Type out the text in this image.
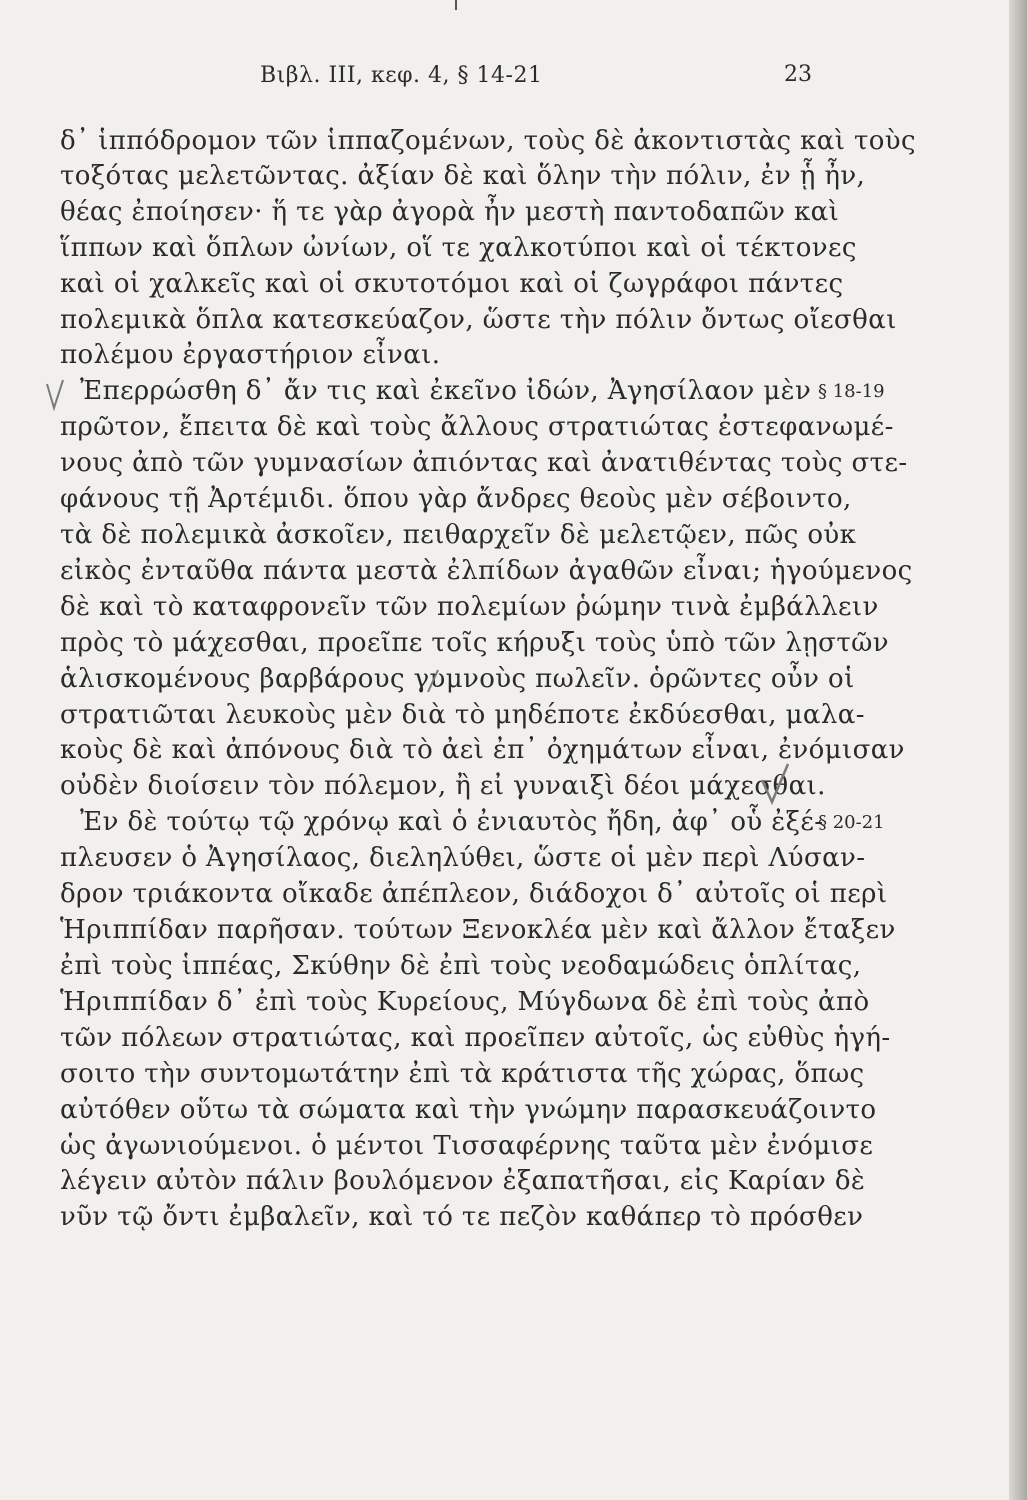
Βιβλ. ΙΙΙ, κεφ. 4, § 14-21	23
δ᾽ ἱππόδρομον τῶν ἱππαζομένων, τοὺς δὲ ἀκοντιστὰς καὶ τοὺς
τοξότας μελετῶντας. ἀξίαν δὲ καὶ ὅλην τὴν πόλιν, ἐν ᾗ ἦν,
θέας ἐποίησεν· ἥ τε γὰρ ἀγορὰ ἦν μεστὴ παντοδαπῶν καὶ
ἵππων καὶ ὅπλων ὠνίων, οἵ τε χαλκοτύποι καὶ οἱ τέκτονες
καὶ οἱ χαλκεῖς καὶ οἱ σκυτοτόμοι καὶ οἱ ζωγράφοι πάντες
πολεμικὰ ὅπλα κατεσκεύαζον, ὥστε τὴν πόλιν ὄντως οἴεσθαι
πολέμου ἐργαστήριον εἶναι.
Ἐπερρώσθη δ᾽ ἄν τις καὶ ἐκεῖνο ἰδών, Ἀγησίλαον μὲν
πρῶτον, ἔπειτα δὲ καὶ τοὺς ἄλλους στρατιώτας ἐστεφανωμέ-
νους ἀπὸ τῶν γυμνασίων ἀπιόντας καὶ ἀνατιθέντας τοὺς στε-
φάνους τῇ Ἀρτέμιδι. ὅπου γὰρ ἄνδρες θεοὺς μὲν σέβοιντο,
τὰ δὲ πολεμικὰ ἀσκοῖεν, πειθαρχεῖν δὲ μελετῷεν, πῶς οὐκ
εἰκὸς ἐνταῦθα πάντα μεστὰ ἐλπίδων ἀγαθῶν εἶναι; ἡγούμενος
δὲ καὶ τὸ καταφρονεῖν τῶν πολεμίων ῥώμην τινὰ ἐμβάλλειν
πρὸς τὸ μάχεσθαι, προεῖπε τοῖς κήρυξι τοὺς ὑπὸ τῶν λῃστῶν
ἁλισκομένους βαρβάρους γυμνοὺς πωλεῖν. ὁρῶντες οὖν οἱ
στρατιῶται λευκοὺς μὲν διὰ τὸ μηδέποτε ἐκδύεσθαι, μαλα-
κοὺς δὲ καὶ ἀπόνους διὰ τὸ ἀεὶ ἐπ᾽ ὀχημάτων εἶναι, ἐνόμισαν
οὐδὲν διοίσειν τὸν πόλεμον, ἢ εἰ γυναιξὶ δέοι μάχεσθαι.
Ἐν δὲ τούτῳ τῷ χρόνῳ καὶ ὁ ἐνιαυτὸς ἤδη, ἀφ᾽ οὗ ἐξέ-
πλευσεν ὁ Ἀγησίλαος, διεληλύθει, ὥστε οἱ μὲν περὶ Λύσαν-
δρον τριάκοντα οἴκαδε ἀπέπλεον, διάδοχοι δ᾽ αὐτοῖς οἱ περὶ
Ἡριππίδαν παρῆσαν. τούτων Ξενοκλέα μὲν καὶ ἄλλον ἔταξεν
ἐπὶ τοὺς ἱππέας, Σκύθην δὲ ἐπὶ τοὺς νεοδαμώδεις ὁπλίτας,
Ἡριππίδαν δ᾽ ἐπὶ τοὺς Κυρείους, Μύγδωνα δὲ ἐπὶ τοὺς ἀπὸ
τῶν πόλεων στρατιώτας, καὶ προεῖπεν αὐτοῖς, ὡς εὐθὺς ἡγή-
σοιτο τὴν συντομωτάτην ἐπὶ τὰ κράτιστα τῆς χώρας, ὅπως
αὐτόθεν οὕτω τὰ σώματα καὶ τὴν γνώμην παρασκευάζοιντο
ὡς ἀγωνιούμενοι. ὁ μέντοι Τισσαφέρνης ταῦτα μὲν ἐνόμισε
λέγειν αὐτὸν πάλιν βουλόμενον ἐξαπατῆσαι, εἰς Καρίαν δὲ
νῦν τῷ ὄντι ἐμβαλεῖν, καὶ τό τε πεζὸν καθάπερ τὸ πρόσθεν
§ 18-19
§ 20-21
